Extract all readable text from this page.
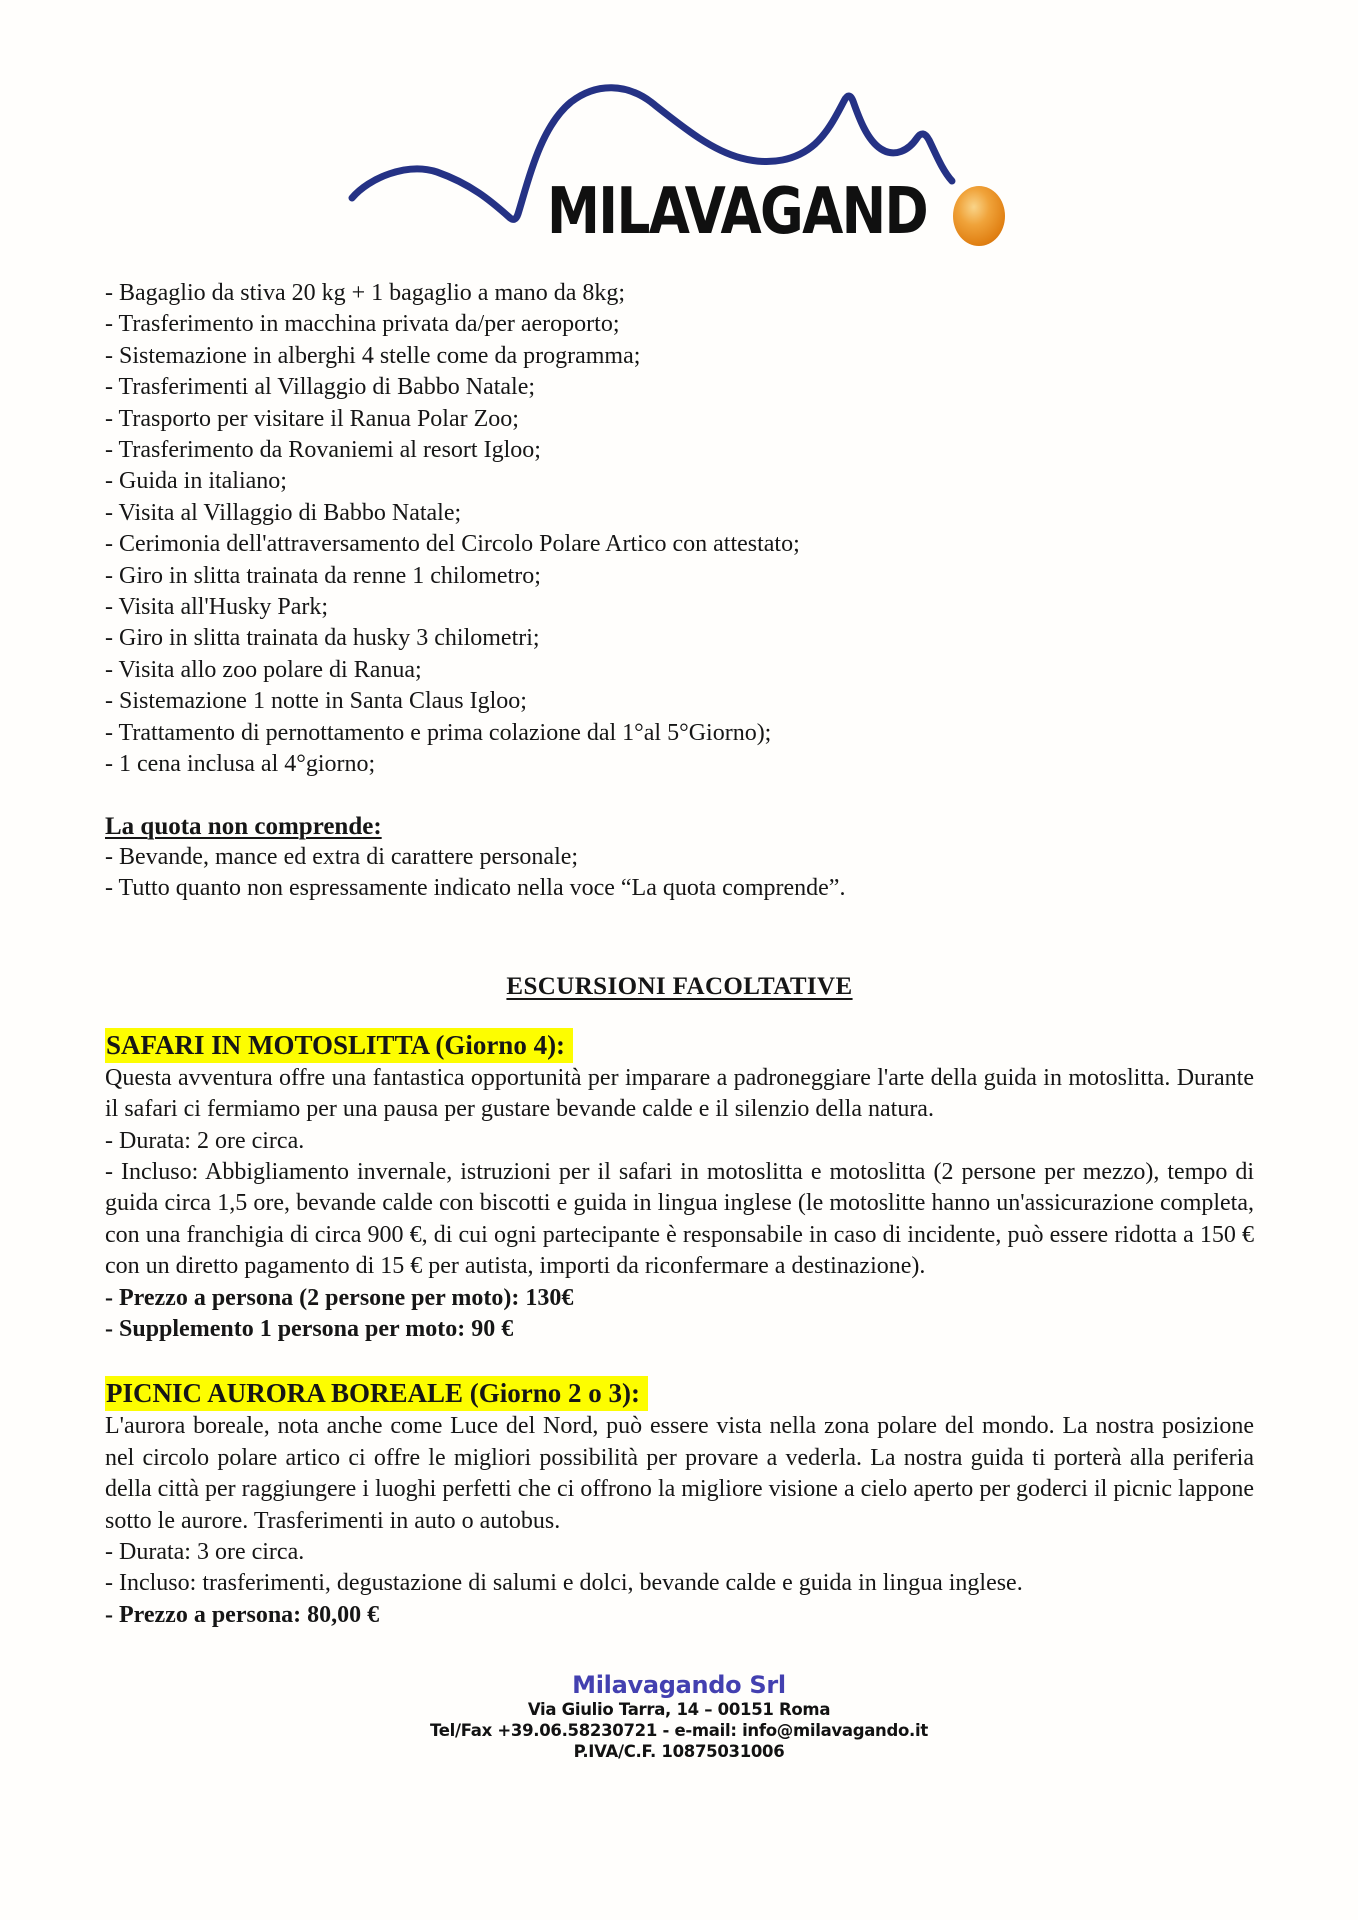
MILAVAGAND
- Bagaglio da stiva 20 kg + 1 bagaglio a mano da 8kg;
- Trasferimento in macchina privata da/per aeroporto;
- Sistemazione in alberghi 4 stelle come da programma;
- Trasferimenti al Villaggio di Babbo Natale;
- Trasporto per visitare il Ranua Polar Zoo;
- Trasferimento da Rovaniemi al resort Igloo;
- Guida in italiano;
- Visita al Villaggio di Babbo Natale;
- Cerimonia dell'attraversamento del Circolo Polare Artico con attestato;
- Giro in slitta trainata da renne 1 chilometro;
- Visita all'Husky Park;
- Giro in slitta trainata da husky 3 chilometri;
- Visita allo zoo polare di Ranua;
- Sistemazione 1 notte in Santa Claus Igloo;
- Trattamento di pernottamento e prima colazione dal 1°al 5°Giorno);
- 1 cena inclusa al 4°giorno;
La quota non comprende:
- Bevande, mance ed extra di carattere personale;
- Tutto quanto non espressamente indicato nella voce “La quota comprende”.
ESCURSIONI FACOLTATIVE
SAFARI IN MOTOSLITTA (Giorno 4):

Questa avventura offre una fantastica opportunità per imparare a padroneggiare l'arte della guida in motoslitta. Durante il safari ci fermiamo per una pausa per gustare bevande calde e il silenzio della natura.

- Durata: 2 ore circa.

- Incluso: Abbigliamento invernale, istruzioni per il safari in motoslitta e motoslitta (2 persone per mezzo), tempo di guida circa 1,5 ore, bevande calde con biscotti e guida in lingua inglese (le motoslitte hanno un'assicurazione completa, con una franchigia di circa 900 €, di cui ogni partecipante è responsabile in caso di incidente, può essere ridotta a 150 € con un diretto pagamento di 15 € per autista, importi da riconfermare a destinazione).

- Prezzo a persona (2 persone per moto): 130€
- Supplemento 1 persona per moto: 90 €
PICNIC AURORA BOREALE (Giorno 2 o 3):

L'aurora boreale, nota anche come Luce del Nord, può essere vista nella zona polare del mondo. La nostra posizione nel circolo polare artico ci offre le migliori possibilità per provare a vederla. La nostra guida ti porterà alla periferia della città per raggiungere i luoghi perfetti che ci offrono la migliore visione a cielo aperto per goderci il picnic lappone sotto le aurore. Trasferimenti in auto o autobus.

- Durata: 3 ore circa.
- Incluso: trasferimenti, degustazione di salumi e dolci, bevande calde e guida in lingua inglese.
- Prezzo a persona: 80,00 €
Milavagando Srl
Via Giulio Tarra, 14 – 00151 Roma
Tel/Fax +39.06.58230721 - e-mail: info@milavagando.it
P.IVA/C.F. 10875031006
